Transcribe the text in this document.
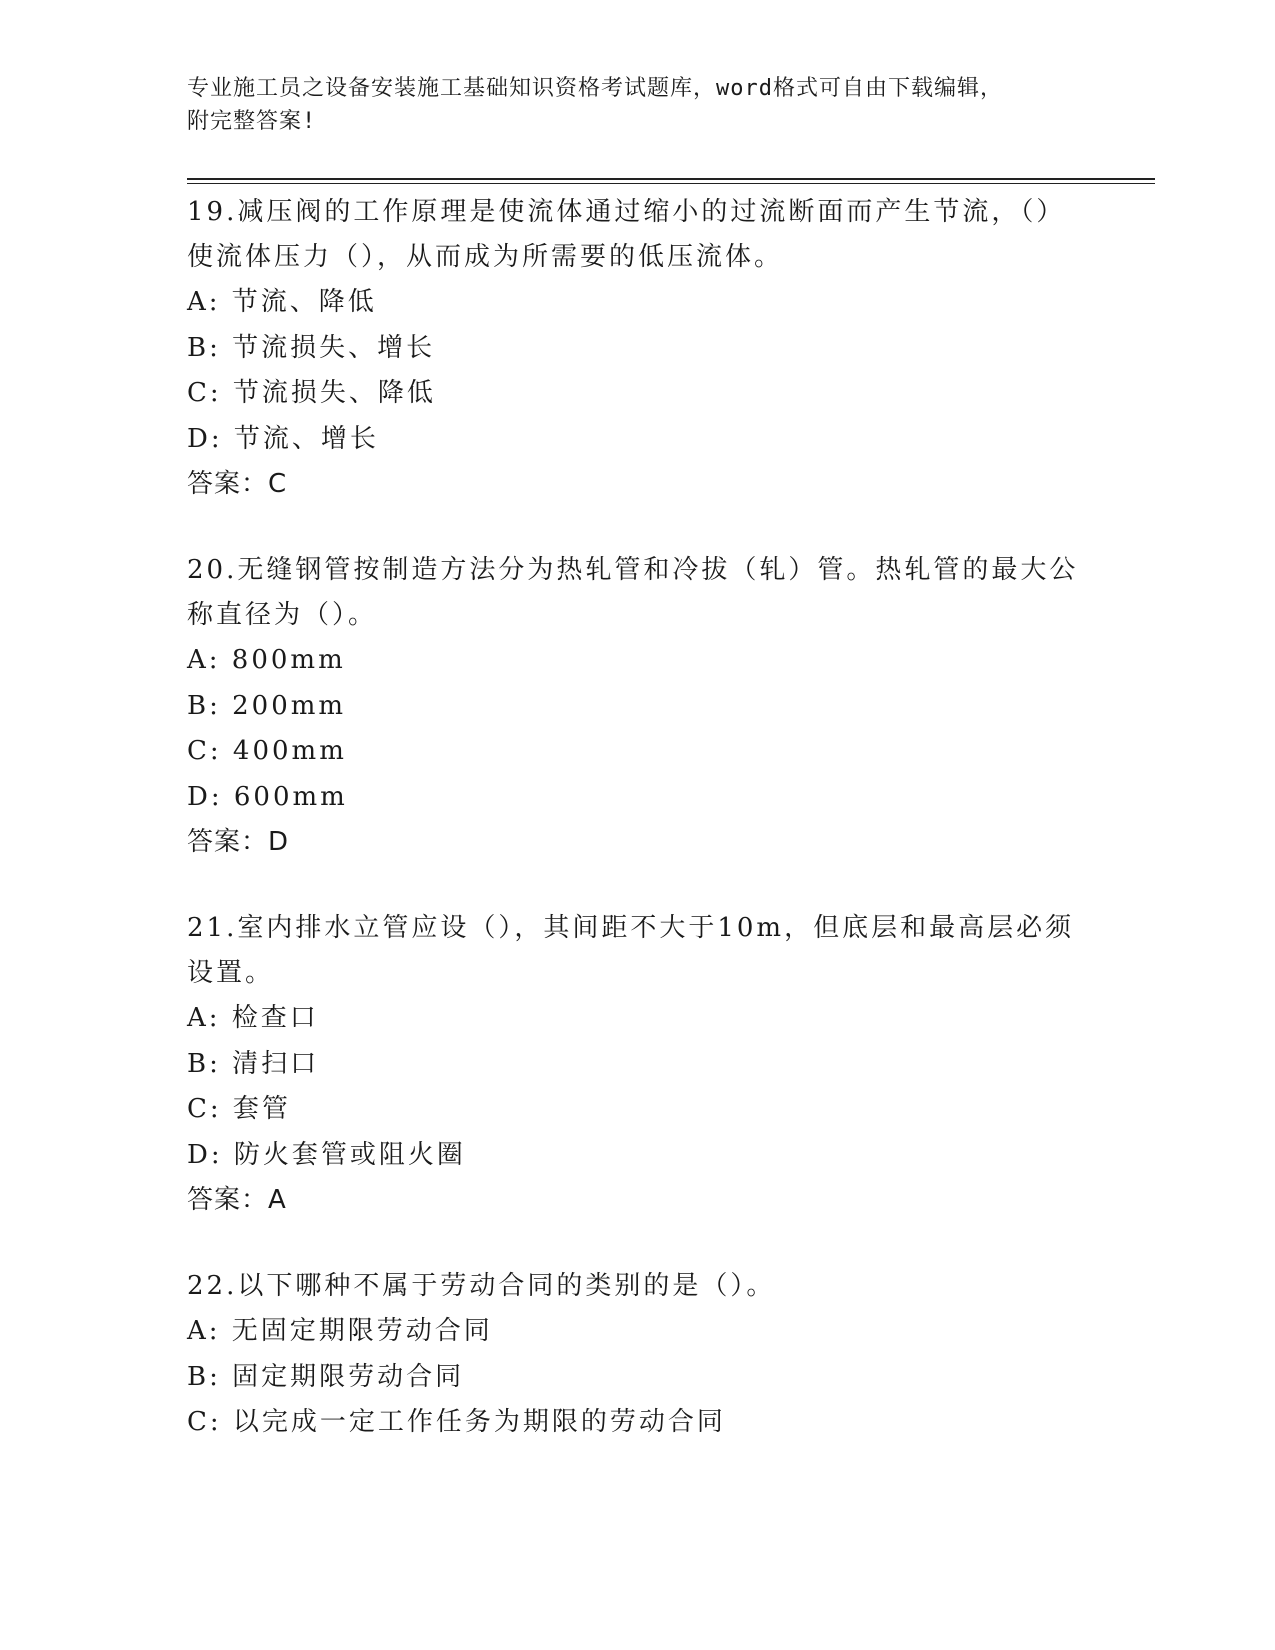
专业施工员之设备安装施工基础知识资格考试题库，word格式可自由下载编辑，
附完整答案!
19.减压阀的工作原理是使流体通过缩小的过流断面而产生节流，（）使流体压力（），从而成为所需要的低压流体。
A: 节流、降低
B: 节流损失、增长
C: 节流损失、降低
D: 节流、增长
答案：C
20.无缝钢管按制造方法分为热轧管和冷拔（轧）管。热轧管的最大公称直径为（）。
A: 800mm
B: 200mm
C: 400mm
D: 600mm
答案：D
21.室内排水立管应设（），其间距不大于10m，但底层和最高层必须设置。
A: 检查口
B: 清扫口
C: 套管
D: 防火套管或阻火圈
答案：A
22.以下哪种不属于劳动合同的类别的是（）。
A: 无固定期限劳动合同
B: 固定期限劳动合同
C: 以完成一定工作任务为期限的劳动合同
